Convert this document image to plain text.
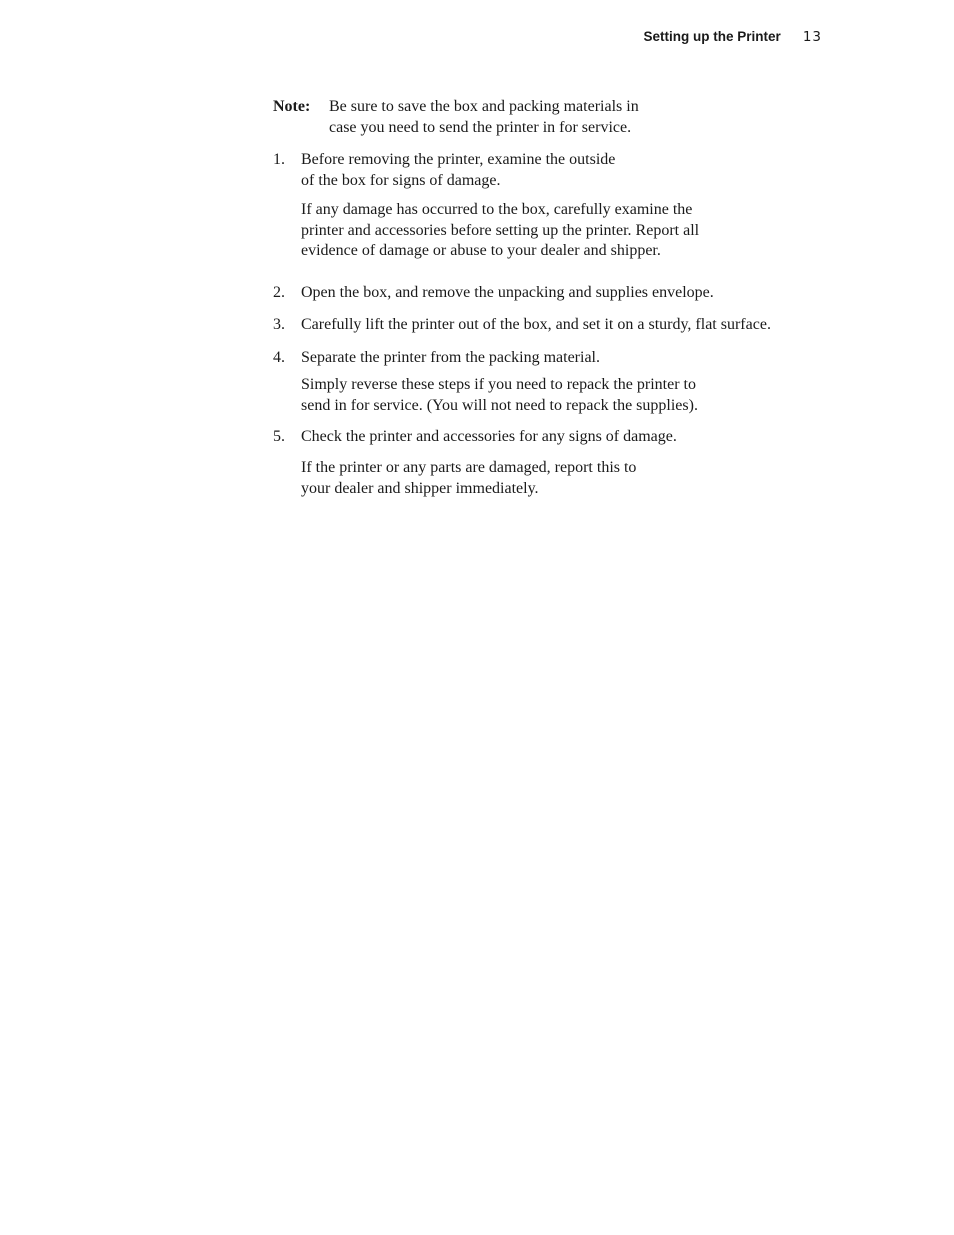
Setting up the Printer 13
Note: Be sure to save the box and packing materials in
case you need to send the printer in for service.
1. Before removing the printer, examine the outside
of the box for signs of damage.
If any damage has occurred to the box, carefully examine the
printer and accessories before setting up the printer. Report all
evidence of damage or abuse to your dealer and shipper.
2. Open the box, and remove the unpacking and supplies envelope.
3. Carefully lift the printer out of the box, and set it on a sturdy, flat surface.
4. Separate the printer from the packing material.
Simply reverse these steps if you need to repack the printer to
send in for service. (You will not need to repack the supplies).
5. Check the printer and accessories for any signs of damage.
If the printer or any parts are damaged, report this to
your dealer and shipper immediately.
